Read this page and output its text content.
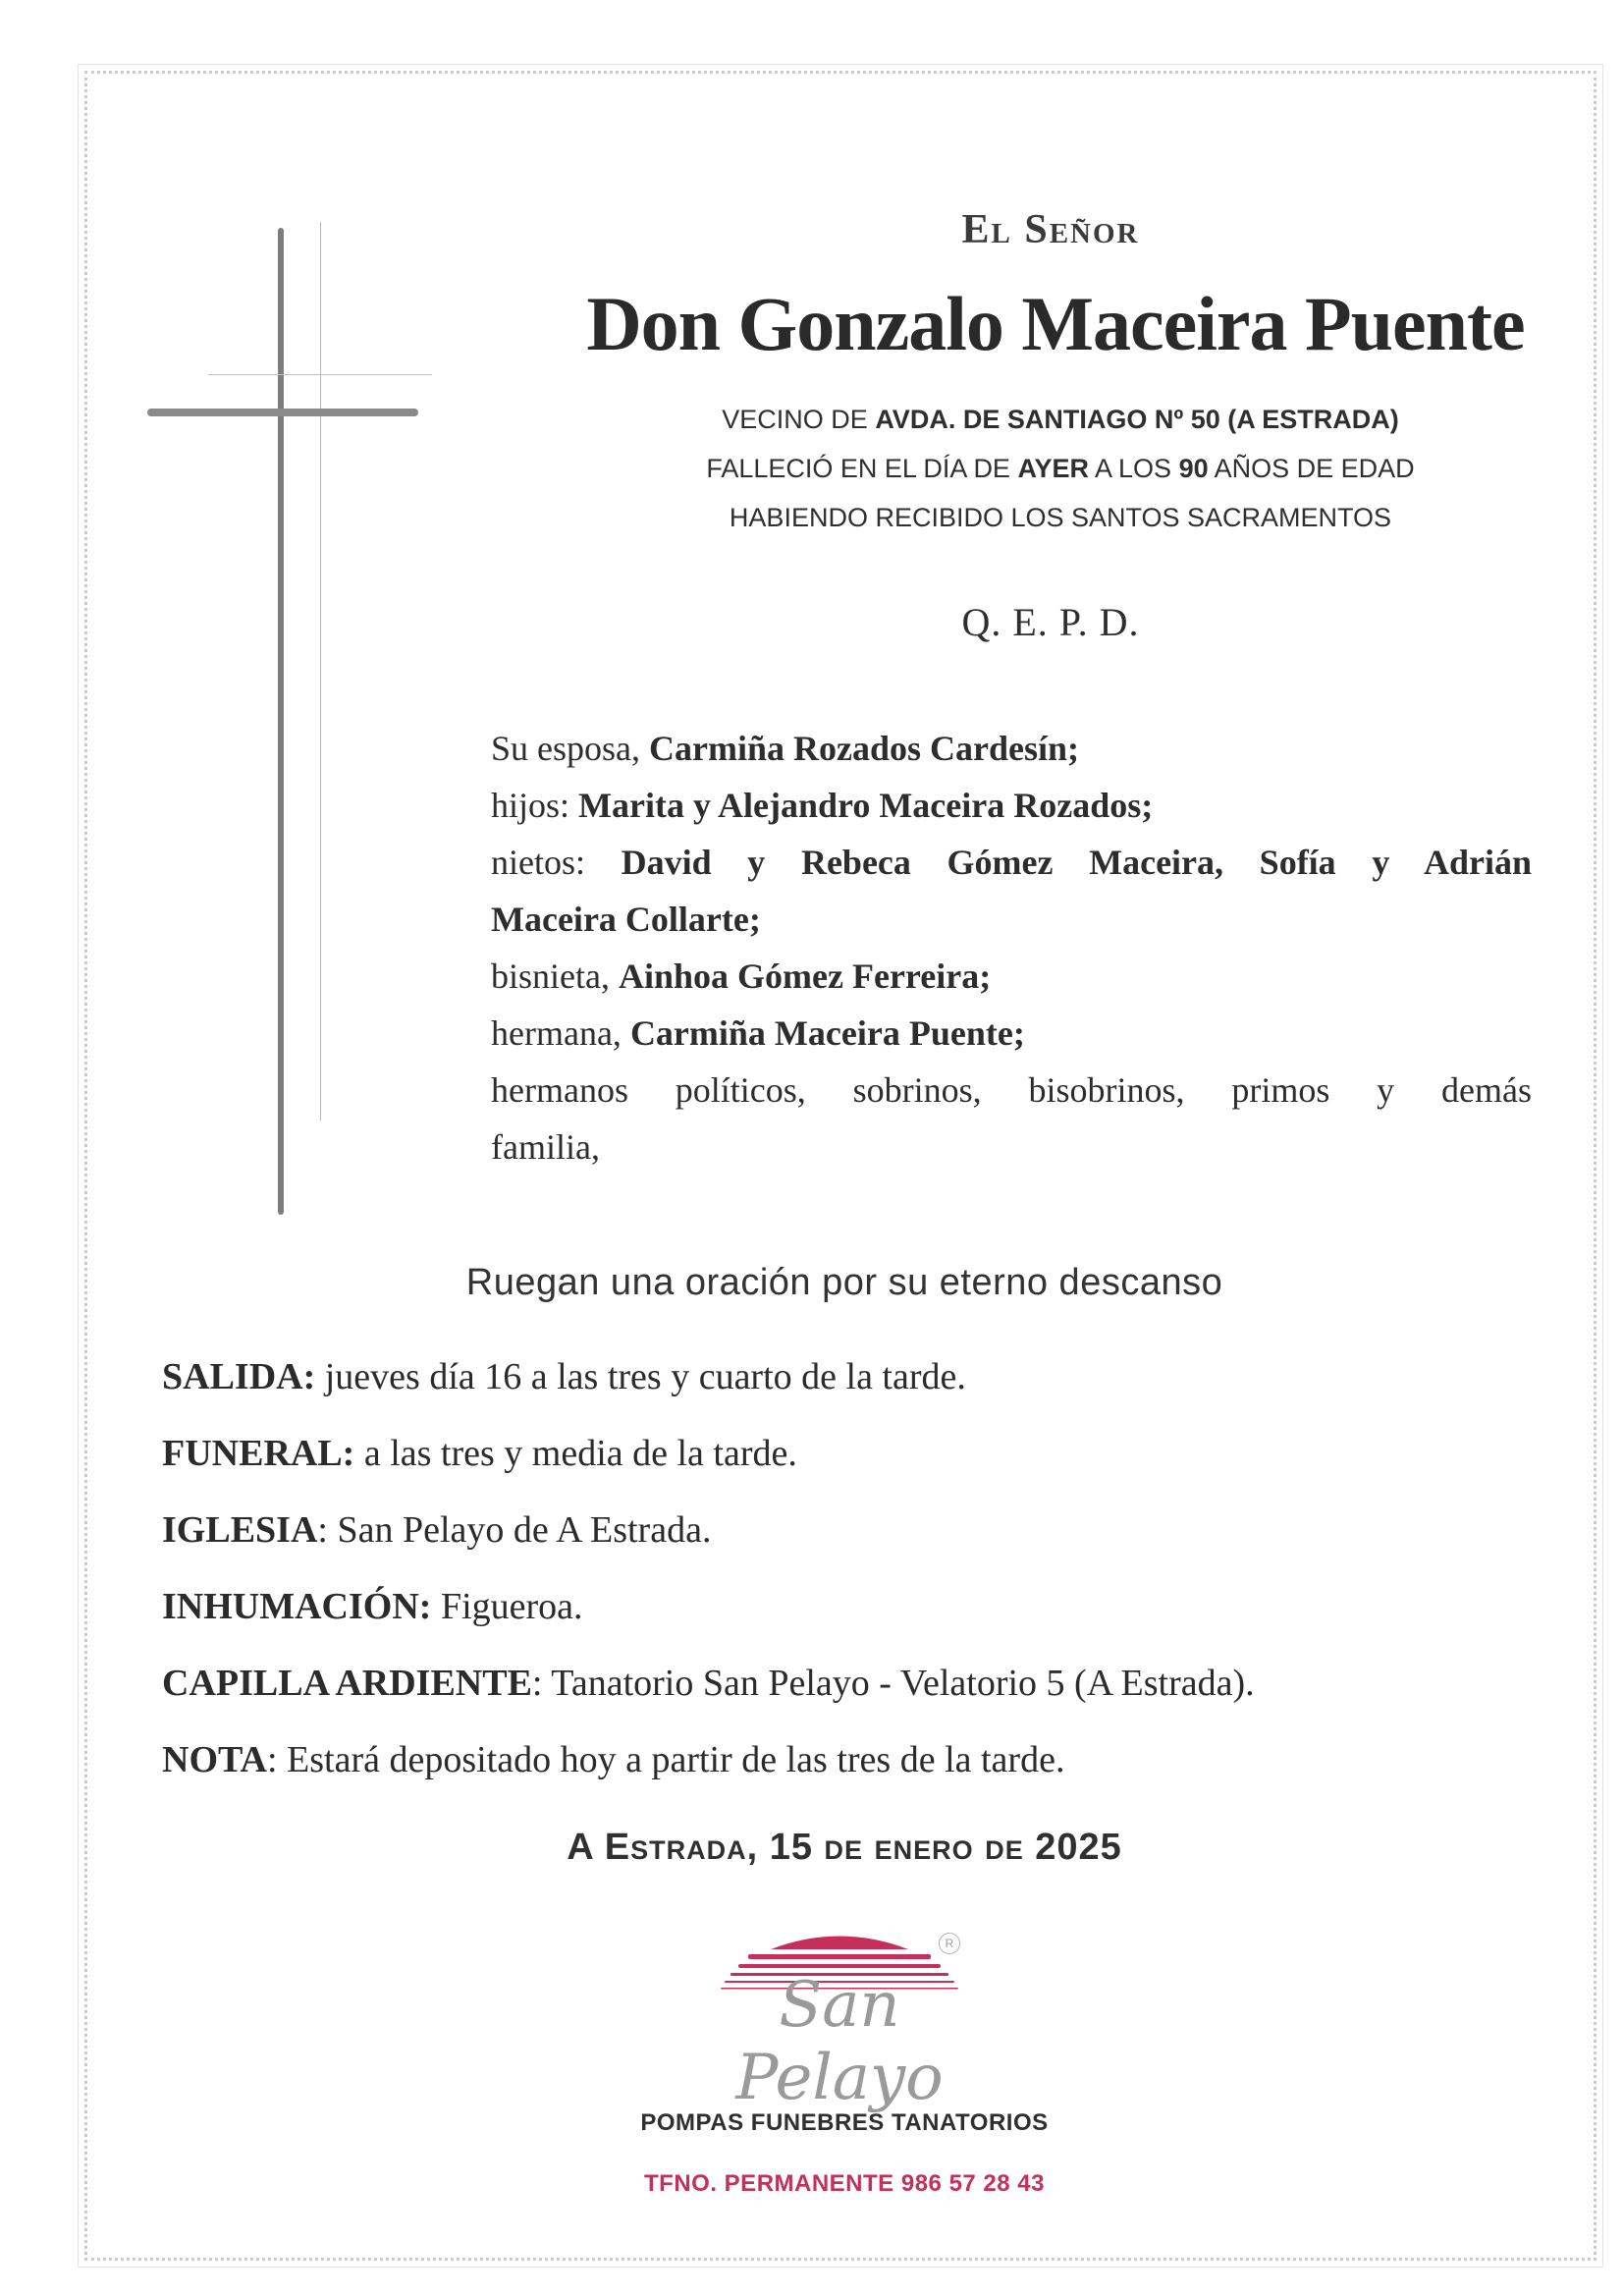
El Señor
Don Gonzalo Maceira Puente
VECINO DE AVDA. DE SANTIAGO Nº 50 (A ESTRADA)
FALLECIÓ EN EL DÍA DE AYER A LOS 90 AÑOS DE EDAD
HABIENDO RECIBIDO LOS SANTOS SACRAMENTOS
Q. E. P. D.
Su esposa, Carmiña Rozados Cardesín;
hijos: Marita y Alejandro Maceira Rozados;
nietos: David y Rebeca Gómez Maceira, Sofía y Adrián
Maceira Collarte;
bisnieta, Ainhoa Gómez Ferreira;
hermana, Carmiña Maceira Puente;
hermanos políticos, sobrinos, bisobrinos, primos y demás
familia,
Ruegan una oración por su eterno descanso
SALIDA: jueves día 16 a las tres y cuarto de la tarde.
FUNERAL: a las tres y media de la tarde.
IGLESIA: San Pelayo de A Estrada.
INHUMACIÓN: Figueroa.
CAPILLA ARDIENTE: Tanatorio San Pelayo - Velatorio 5 (A Estrada).
NOTA: Estará depositado hoy a partir de las tres de la tarde.
A Estrada, 15 de enero de 2025
San Pelayo
R
POMPAS FUNEBRES TANATORIOS
TFNO. PERMANENTE 986 57 28 43
